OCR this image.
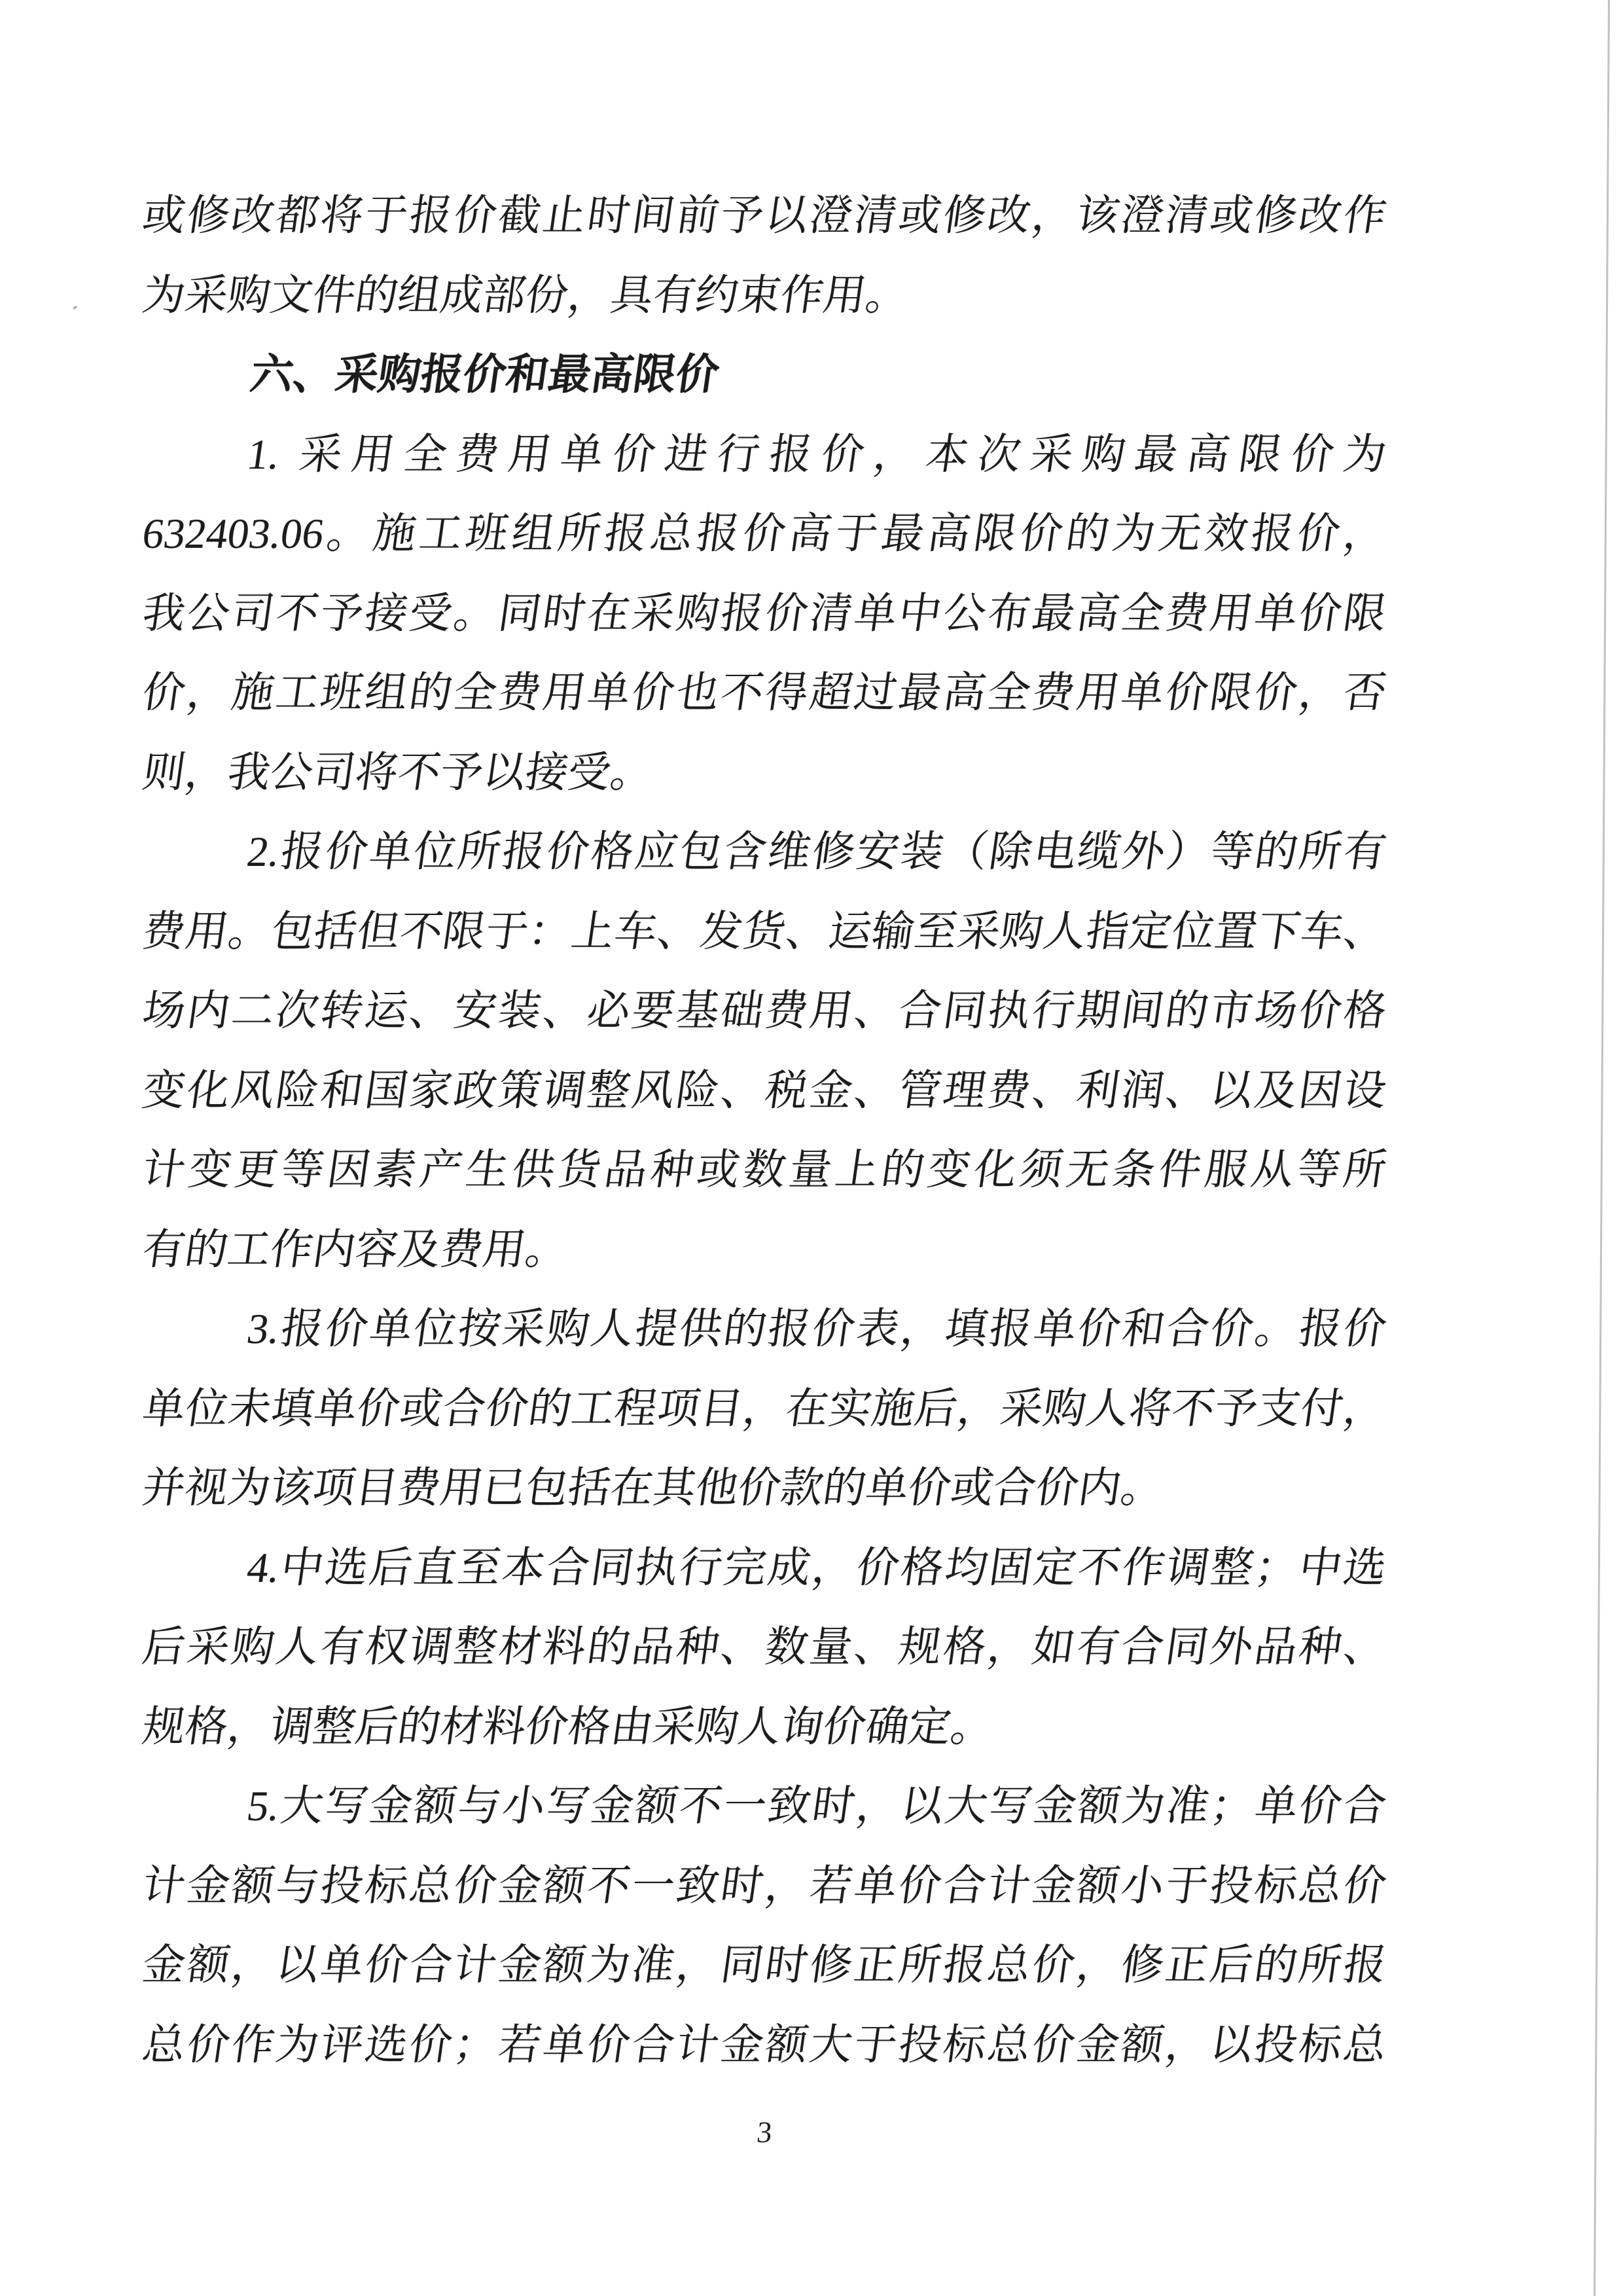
或修改都将于报价截止时间前予以澄清或修改，该澄清或修改作

为采购文件的组成部份，具有约束作用。

六、采购报价和最高限价

1. 采用全费用单价进行报价，本次采购最高限价为

632403.06。施工班组所报总报价高于最高限价的为无效报价，

我公司不予接受。同时在采购报价清单中公布最高全费用单价限

价，施工班组的全费用单价也不得超过最高全费用单价限价，否

则，我公司将不予以接受。

2.报价单位所报价格应包含维修安装（除电缆外）等的所有

费用。包括但不限于：上车、发货、运输至采购人指定位置下车、

场内二次转运、安装、必要基础费用、合同执行期间的市场价格

变化风险和国家政策调整风险、税金、管理费、利润、以及因设

计变更等因素产生供货品种或数量上的变化须无条件服从等所

有的工作内容及费用。

3.报价单位按采购人提供的报价表，填报单价和合价。报价

单位未填单价或合价的工程项目，在实施后，采购人将不予支付，

并视为该项目费用已包括在其他价款的单价或合价内。

4.中选后直至本合同执行完成，价格均固定不作调整；中选

后采购人有权调整材料的品种、数量、规格，如有合同外品种、

规格，调整后的材料价格由采购人询价确定。

5.大写金额与小写金额不一致时，以大写金额为准；单价合

计金额与投标总价金额不一致时，若单价合计金额小于投标总价

金额，以单价合计金额为准，同时修正所报总价，修正后的所报

总价作为评选价；若单价合计金额大于投标总价金额，以投标总

3
